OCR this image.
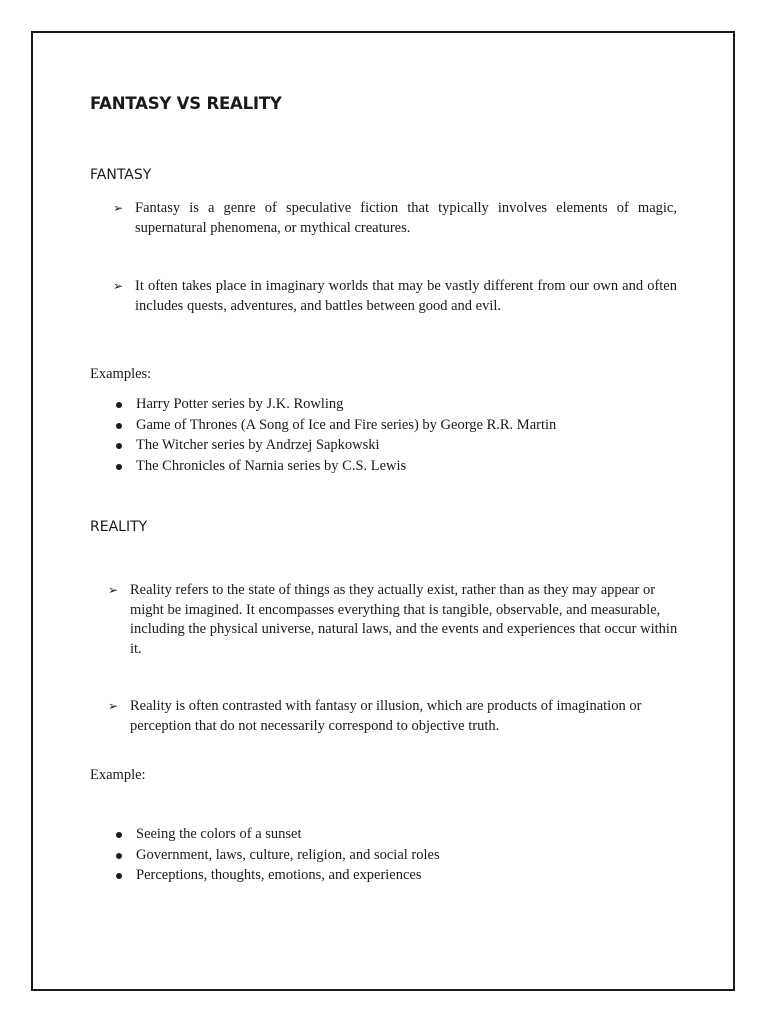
FANTASY VS REALITY
FANTASY
➢ Fantasy is a genre of speculative fiction that typically involves elements of magic, supernatural phenomena, or mythical creatures.
➢ It often takes place in imaginary worlds that may be vastly different from our own and often includes quests, adventures, and battles between good and evil.

Examples:

Harry Potter series by J.K. Rowling
Game of Thrones (A Song of Ice and Fire series) by George R.R. Martin
The Witcher series by Andrzej Sapkowski
The Chronicles of Narnia series by C.S. Lewis
REALITY
➢ Reality refers to the state of things as they actually exist, rather than as they may appear or might be imagined. It encompasses everything that is tangible, observable, and measurable, including the physical universe, natural laws, and the events and experiences that occur within it.
➢ Reality is often contrasted with fantasy or illusion, which are products of imagination or perception that do not necessarily correspond to objective truth.

Example:

Seeing the colors of a sunset
Government, laws, culture, religion, and social roles
Perceptions, thoughts, emotions, and experiences
